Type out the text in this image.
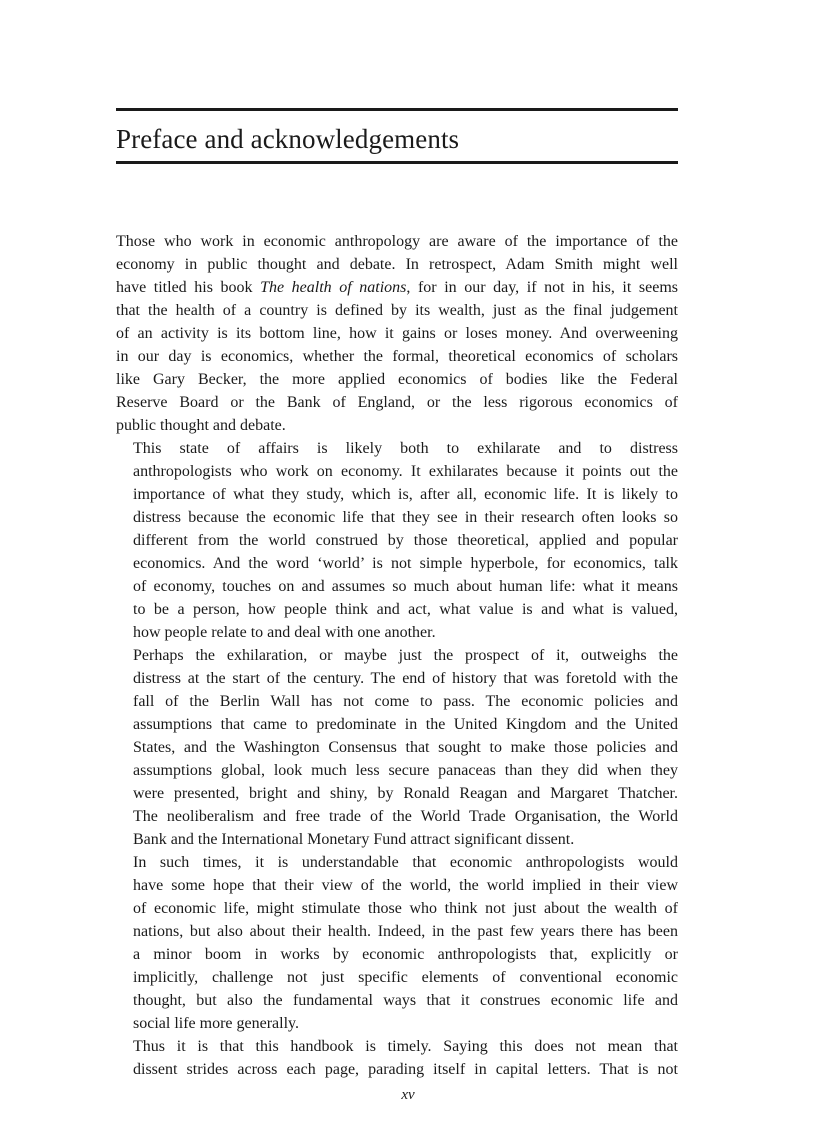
Preface and acknowledgements
Those who work in economic anthropology are aware of the importance of the
economy in public thought and debate. In retrospect, Adam Smith might well
have titled his book The health of nations, for in our day, if not in his, it seems
that the health of a country is defined by its wealth, just as the final judgement
of an activity is its bottom line, how it gains or loses money. And overweening
in our day is economics, whether the formal, theoretical economics of scholars
like Gary Becker, the more applied economics of bodies like the Federal
Reserve Board or the Bank of England, or the less rigorous economics of
public thought and debate.
This state of affairs is likely both to exhilarate and to distress
anthropologists who work on economy. It exhilarates because it points out the
importance of what they study, which is, after all, economic life. It is likely to
distress because the economic life that they see in their research often looks so
different from the world construed by those theoretical, applied and popular
economics. And the word ‘world’ is not simple hyperbole, for economics, talk
of economy, touches on and assumes so much about human life: what it means
to be a person, how people think and act, what value is and what is valued,
how people relate to and deal with one another.
Perhaps the exhilaration, or maybe just the prospect of it, outweighs the
distress at the start of the century. The end of history that was foretold with the
fall of the Berlin Wall has not come to pass. The economic policies and
assumptions that came to predominate in the United Kingdom and the United
States, and the Washington Consensus that sought to make those policies and
assumptions global, look much less secure panaceas than they did when they
were presented, bright and shiny, by Ronald Reagan and Margaret Thatcher.
The neoliberalism and free trade of the World Trade Organisation, the World
Bank and the International Monetary Fund attract significant dissent.
In such times, it is understandable that economic anthropologists would
have some hope that their view of the world, the world implied in their view
of economic life, might stimulate those who think not just about the wealth of
nations, but also about their health. Indeed, in the past few years there has been
a minor boom in works by economic anthropologists that, explicitly or
implicitly, challenge not just specific elements of conventional economic
thought, but also the fundamental ways that it construes economic life and
social life more generally.
Thus it is that this handbook is timely. Saying this does not mean that
dissent strides across each page, parading itself in capital letters. That is not
xv
